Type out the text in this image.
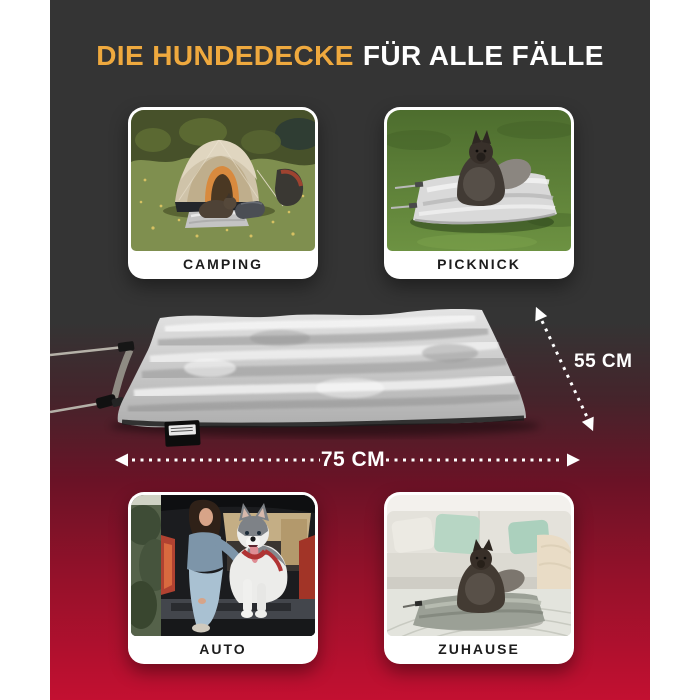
DIE HUNDEDECKE FÜR ALLE FÄLLE
CAMPING	PICKNICK
75 CM
55 CM
AUTO	ZUHAUSE
